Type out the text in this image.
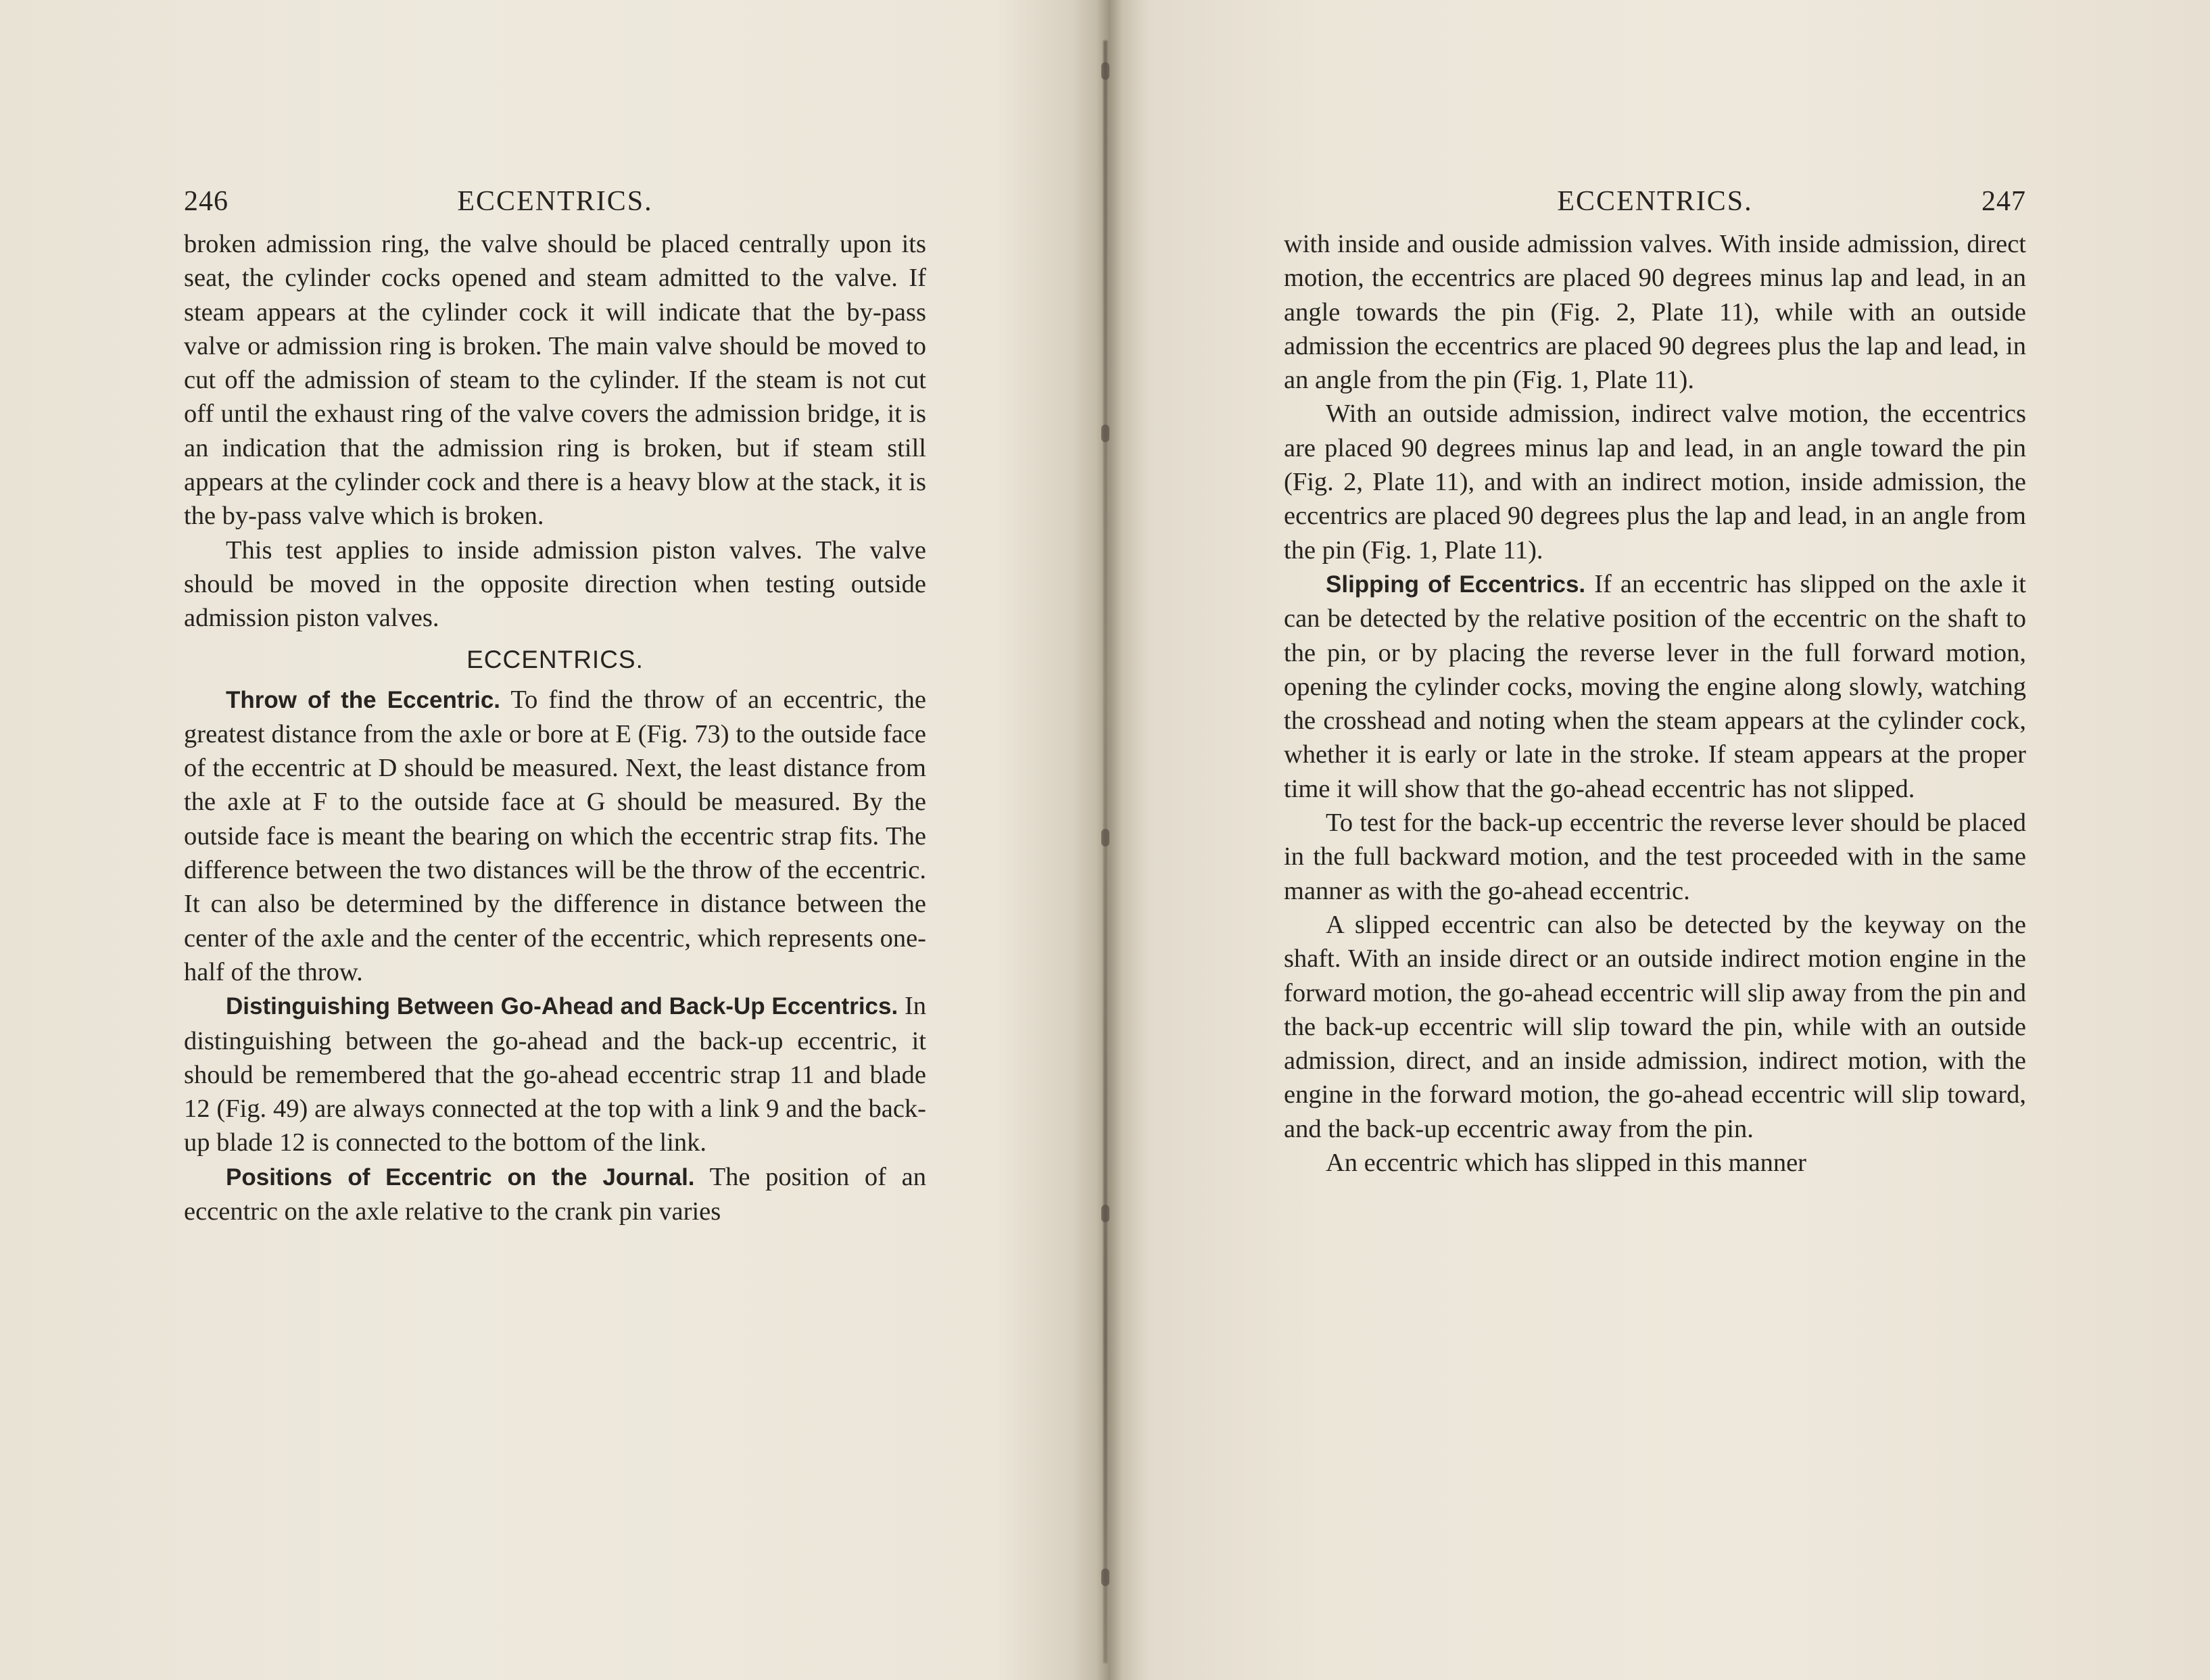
ECCENTRICS.
246

broken admission ring, the valve should be placed centrally upon its seat, the cylinder cocks opened and steam admitted to the valve. If steam appears at the cylinder cock it will indicate that the by-pass valve or admission ring is broken. The main valve should be moved to cut off the admission of steam to the cylinder. If the steam is not cut off until the exhaust ring of the valve covers the admission bridge, it is an indication that the admission ring is broken, but if steam still appears at the cylinder cock and there is a heavy blow at the stack, it is the by-pass valve which is broken.

This test applies to inside admission piston valves. The valve should be moved in the opposite direction when testing outside admission piston valves.

ECCENTRICS.

Throw of the Eccentric. To find the throw of an eccentric, the greatest distance from the axle or bore at E (Fig. 73) to the outside face of the eccentric at D should be measured. Next, the least distance from the axle at F to the outside face at G should be measured. By the outside face is meant the bearing on which the eccentric strap fits. The difference between the two distances will be the throw of the eccentric. It can also be determined by the difference in distance between the center of the axle and the center of the eccentric, which represents one-half of the throw.

Distinguishing Between Go-Ahead and Back-Up Eccentrics. In distinguishing between the go-ahead and the back-up eccentric, it should be remembered that the go-ahead eccentric strap 11 and blade 12 (Fig. 49) are always connected at the top with a link 9 and the back-up blade 12 is connected to the bottom of the link.

Positions of Eccentric on the Journal. The position of an eccentric on the axle relative to the crank pin varies

ECCENTRICS.	247

with inside and ouside admission valves. With inside admission, direct motion, the eccentrics are placed 90 degrees minus lap and lead, in an angle towards the pin (Fig. 2, Plate 11), while with an outside admission the eccentrics are placed 90 degrees plus the lap and lead, in an angle from the pin (Fig. 1, Plate 11).

With an outside admission, indirect valve motion, the eccentrics are placed 90 degrees minus lap and lead, in an angle toward the pin (Fig. 2, Plate 11), and with an indirect motion, inside admission, the eccentrics are placed 90 degrees plus the lap and lead, in an angle from the pin (Fig. 1, Plate 11).

Slipping of Eccentrics. If an eccentric has slipped on the axle it can be detected by the relative position of the eccentric on the shaft to the pin, or by placing the reverse lever in the full forward motion, opening the cylinder cocks, moving the engine along slowly, watching the crosshead and noting when the steam appears at the cylinder cock, whether it is early or late in the stroke. If steam appears at the proper time it will show that the go-ahead eccentric has not slipped.

To test for the back-up eccentric the reverse lever should be placed in the full backward motion, and the test proceeded with in the same manner as with the go-ahead eccentric.

A slipped eccentric can also be detected by the keyway on the shaft. With an inside direct or an outside indirect motion engine in the forward motion, the go-ahead eccentric will slip away from the pin and the back-up eccentric will slip toward the pin, while with an outside admission, direct, and an inside admission, indirect motion, with the engine in the forward motion, the go-ahead eccentric will slip toward, and the back-up eccentric away from the pin.

An eccentric which has slipped in this manner
